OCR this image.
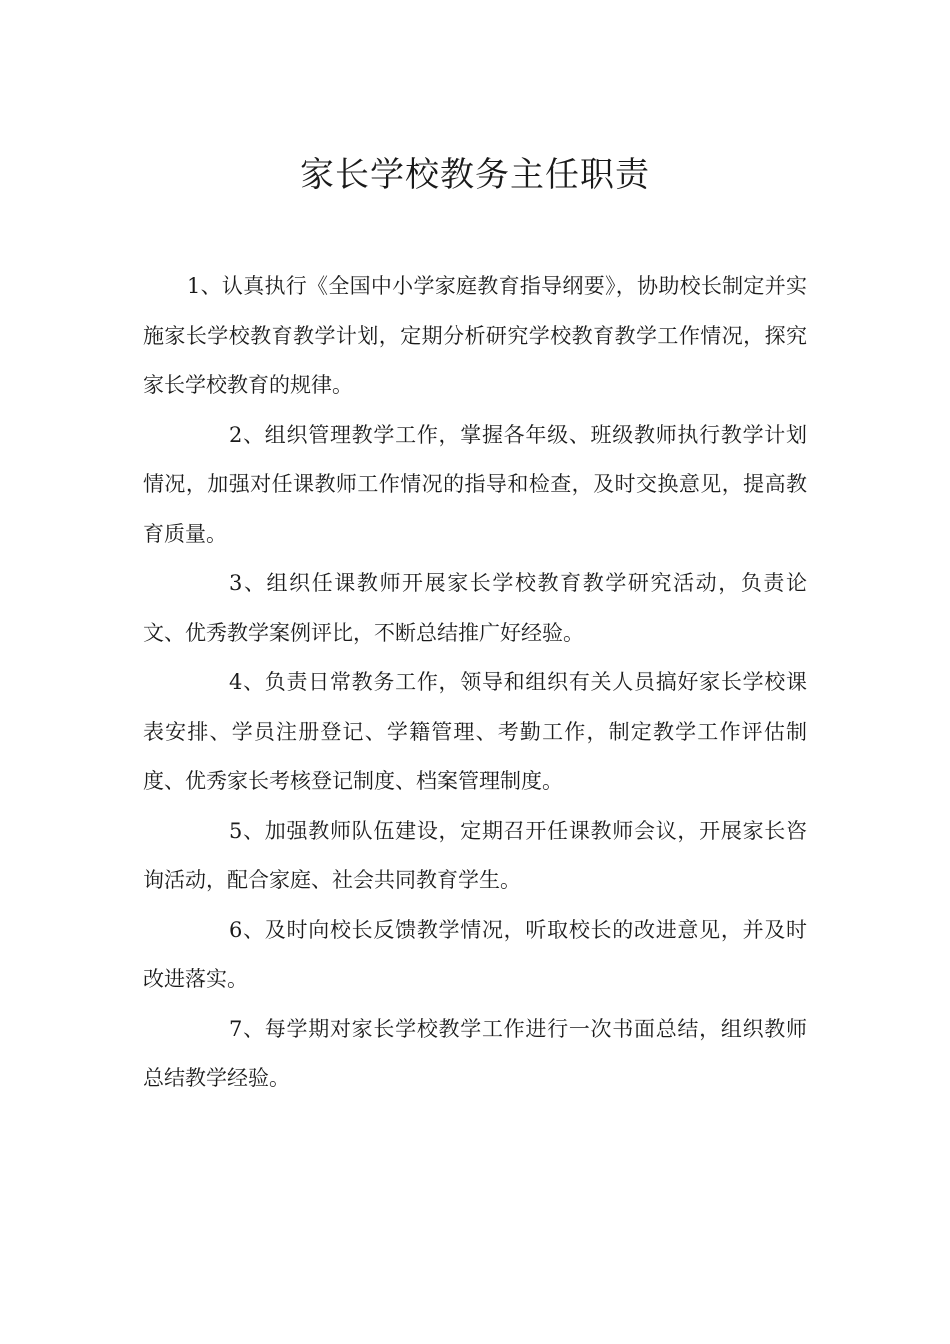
家长学校教务主任职责

1、认真执行《全国中小学家庭教育指导纲要》，协助校长制定并实施家长学校教育教学计划，定期分析研究学校教育教学工作情况，探究家长学校教育的规律。

2、组织管理教学工作，掌握各年级、班级教师执行教学计划情况，加强对任课教师工作情况的指导和检查，及时交换意见，提高教育质量。

3、组织任课教师开展家长学校教育教学研究活动，负责论文、优秀教学案例评比，不断总结推广好经验。

4、负责日常教务工作，领导和组织有关人员搞好家长学校课表安排、学员注册登记、学籍管理、考勤工作，制定教学工作评估制度、优秀家长考核登记制度、档案管理制度。

5、加强教师队伍建设，定期召开任课教师会议，开展家长咨询活动，配合家庭、社会共同教育学生。

6、及时向校长反馈教学情况，听取校长的改进意见，并及时改进落实。

7、每学期对家长学校教学工作进行一次书面总结，组织教师总结教学经验。
